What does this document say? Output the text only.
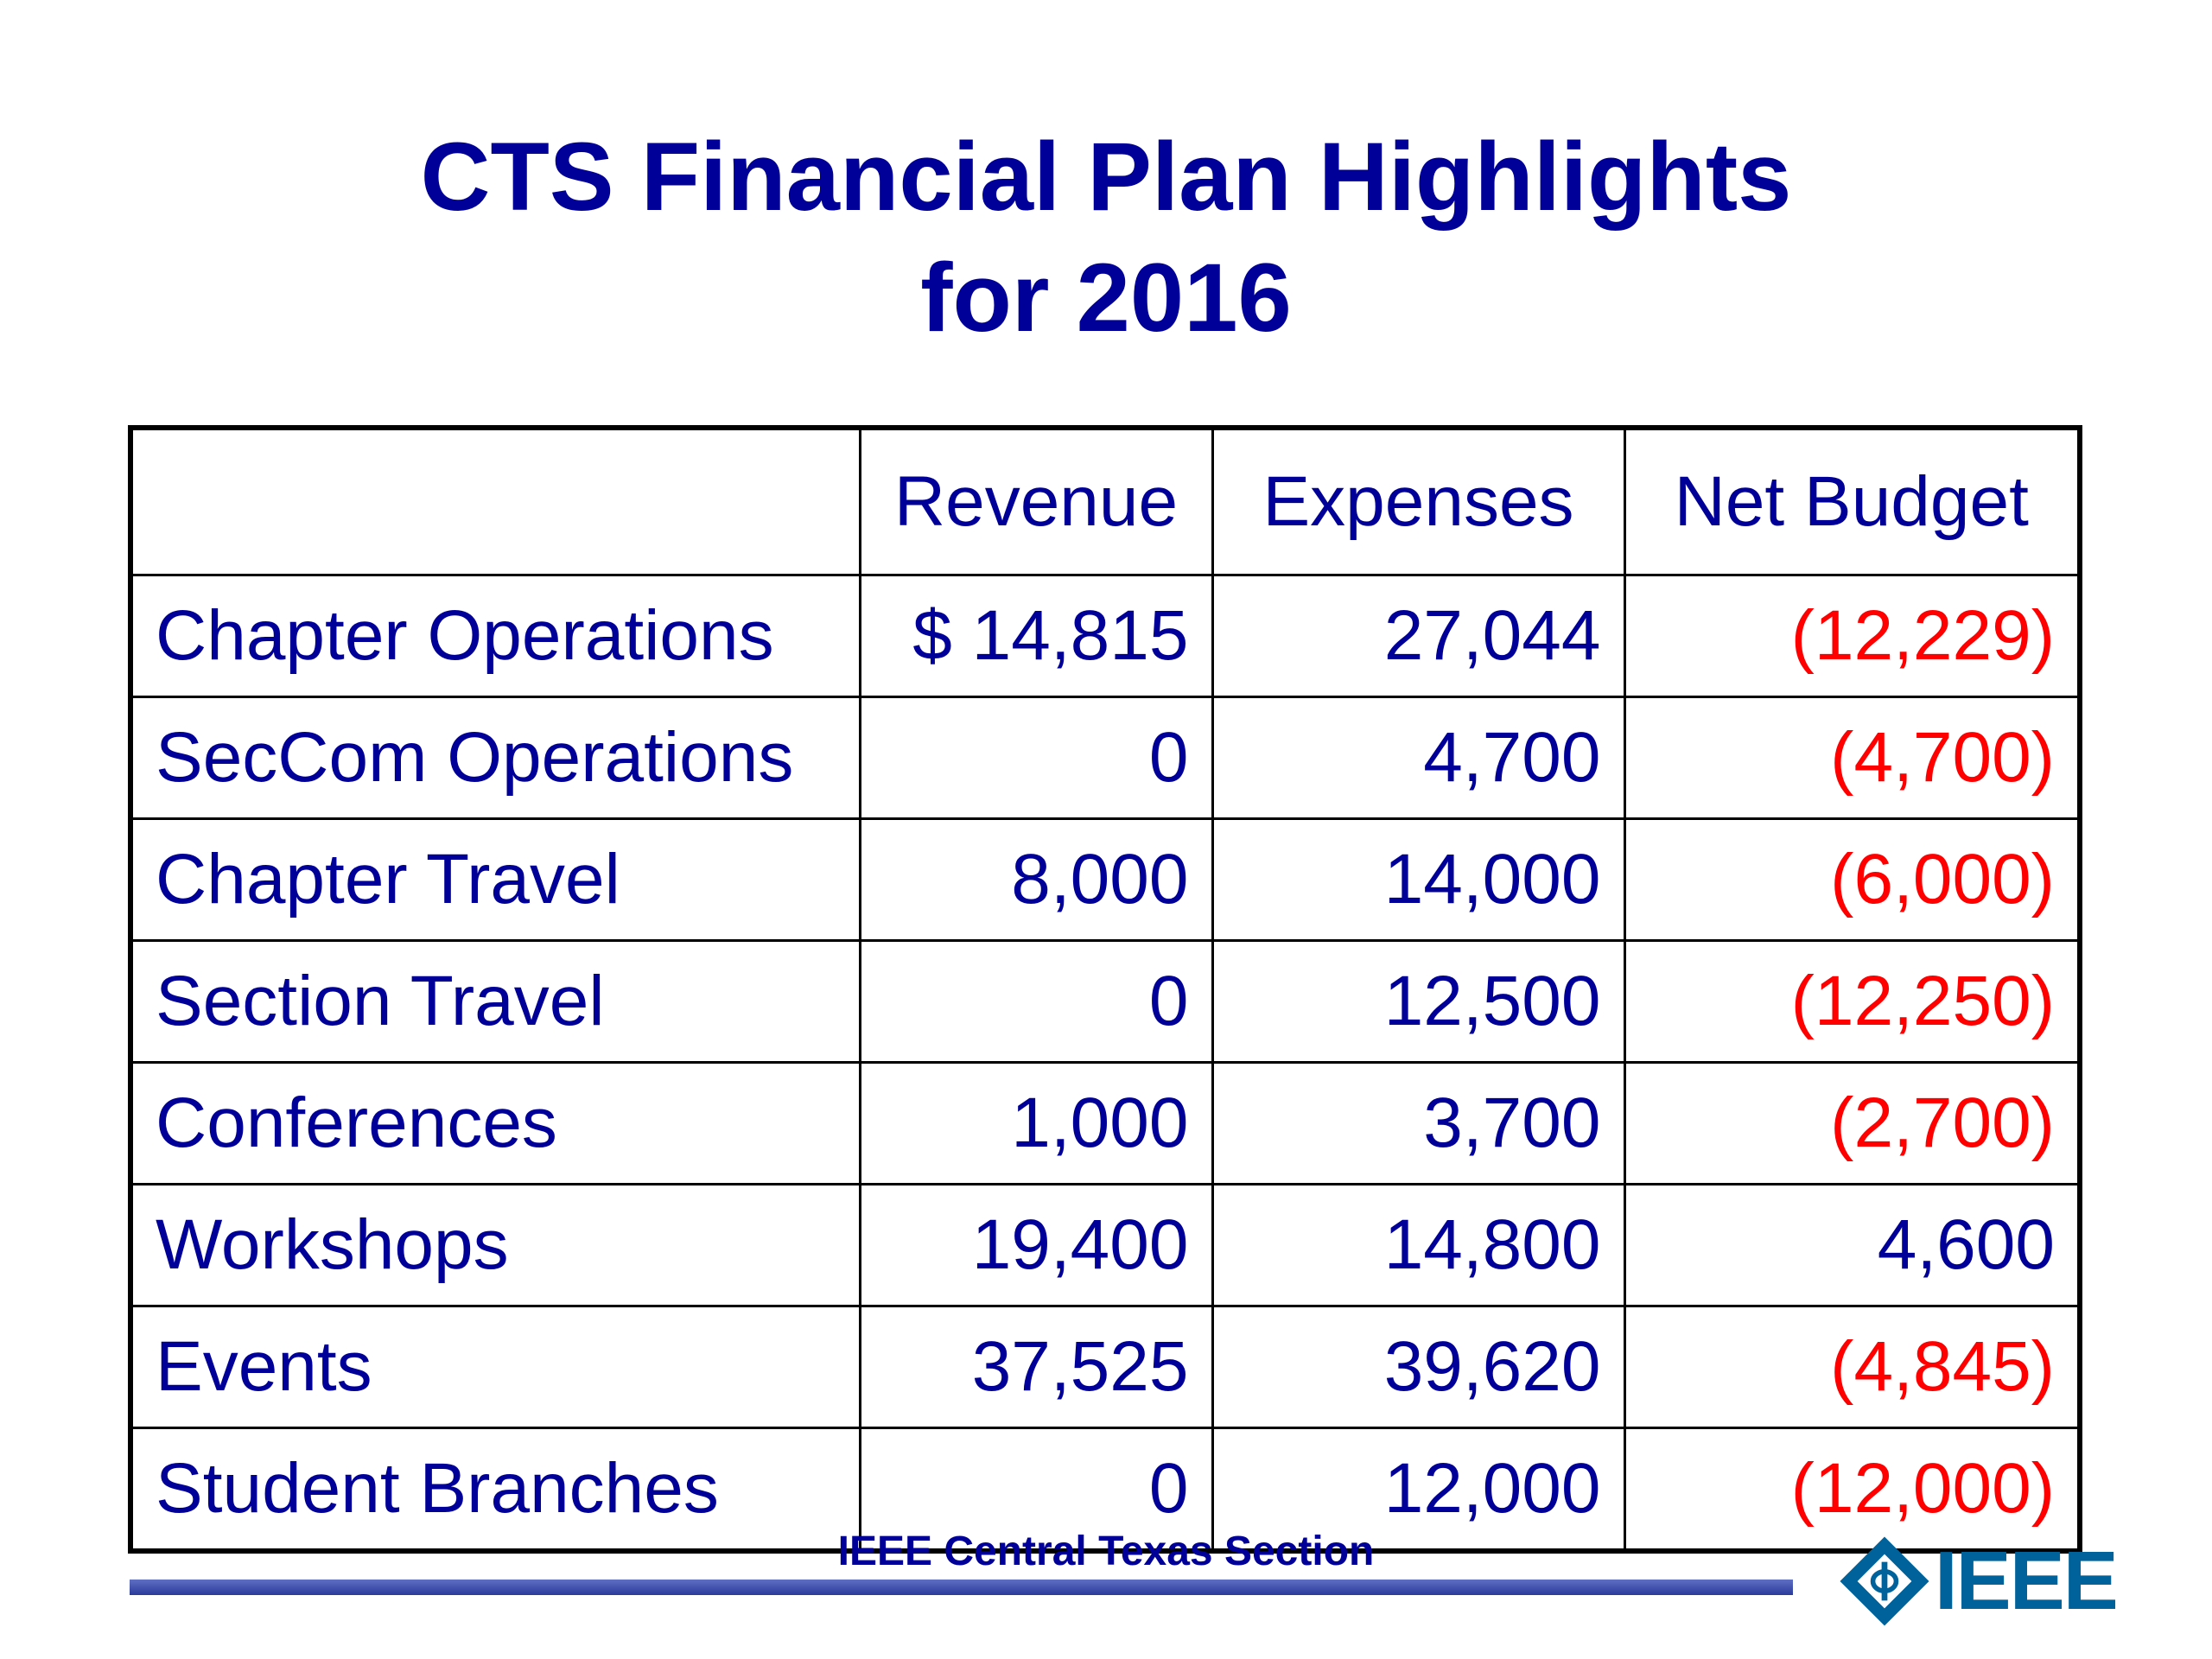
CTS Financial Plan Highlights
for 2016
	Revenue	Expenses	Net Budget
Chapter Operations	$ 14,815	27,044	(12,229)
SecCom Operations	0	4,700	(4,700)
Chapter Travel	8,000	14,000	(6,000)
Section Travel	0	12,500	(12,250)
Conferences	1,000	3,700	(2,700)
Workshops	19,400	14,800	4,600
Events	37,525	39,620	(4,845)
Student Branches	0	12,000	(12,000)
IEEE Central Texas Section	IEEE
